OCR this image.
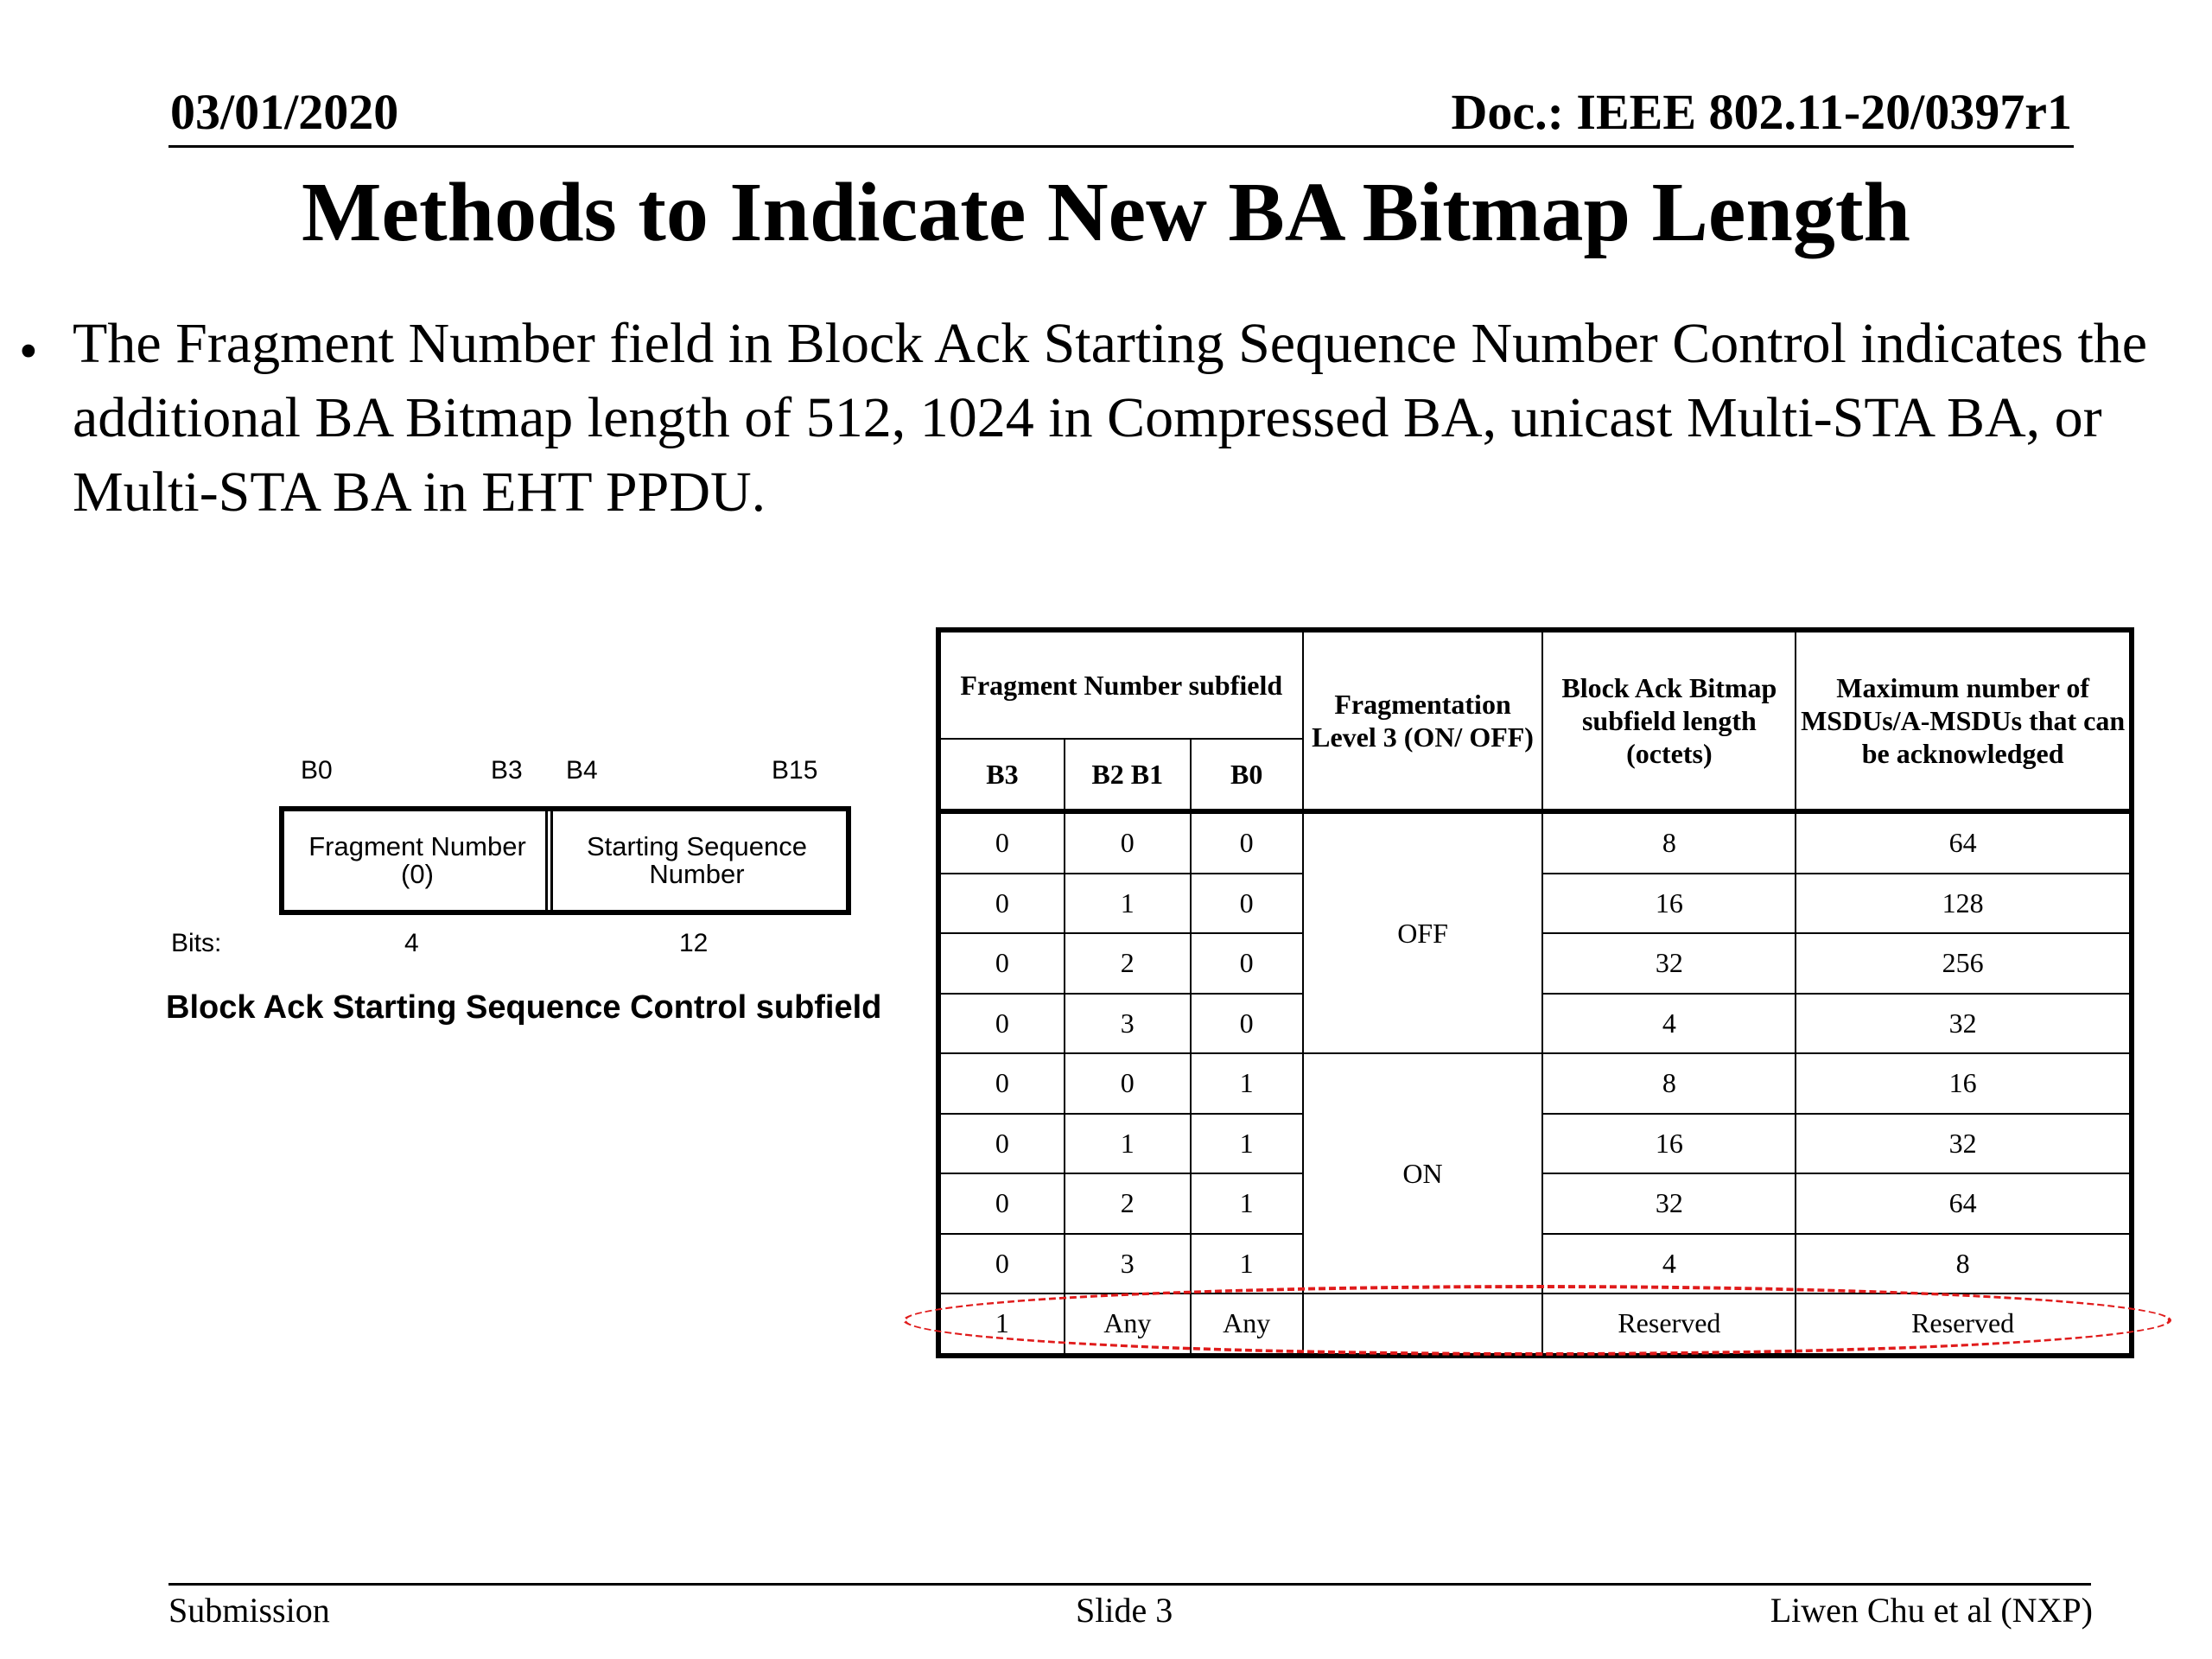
03/01/2020	Doc.: IEEE 802.11-20/0397r1
Methods to Indicate New BA Bitmap Length
• The Fragment Number field in Block Ack Starting Sequence Number Control indicates the additional BA Bitmap length of 512, 1024 in Compressed BA, unicast Multi-STA BA, or Multi-STA BA in EHT PPDU.
B0	B3 B4	B15
Fragment Number (0)
Starting Sequence Number
Bits:	4	12
Block Ack Starting Sequence Control subfield
Fragment Number subfield			Fragmentation Level 3 (ON/ OFF)	Block Ack Bitmap subfield length (octets)	Maximum number of MSDUs/A-MSDUs that can be acknowledged
B3	B2 B1	B0			
0	0	0	OFF	8	64
0	1	0		16	128
0	2	0		32	256
0	3	0		4	32
0	0	1	ON	8	16
0	1	1		16	32
0	2	1		32	64
0	3	1		4	8
1	Any	Any		Reserved	Reserved
Submission	Slide 3	Liwen Chu et al (NXP)
